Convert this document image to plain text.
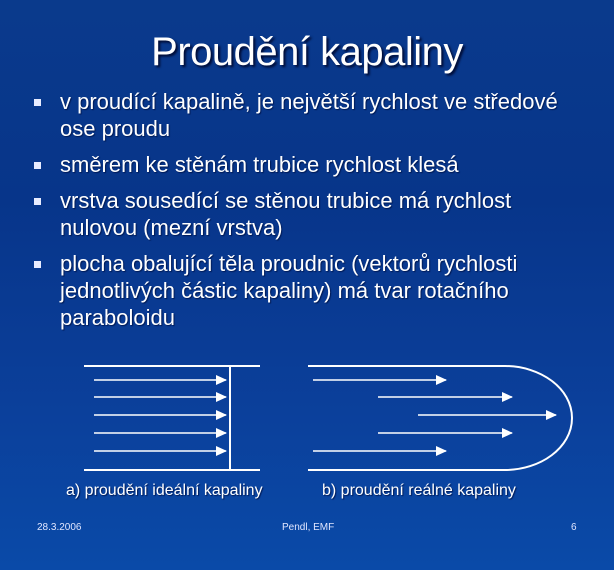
Proudění kapaliny
v proudící kapalině, je největší rychlost ve středové ose proudu
směrem ke stěnám trubice rychlost klesá
vrstva sousedící se stěnou trubice má rychlost nulovou (mezní vrstva)
plocha obalující těla proudnic (vektorů rychlosti jednotlivých částic kapaliny) má tvar rotačního paraboloidu
a) proudění ideální kapaliny	b) proudění reálné kapaliny
28.3.2006	Pendl, EMF	6
